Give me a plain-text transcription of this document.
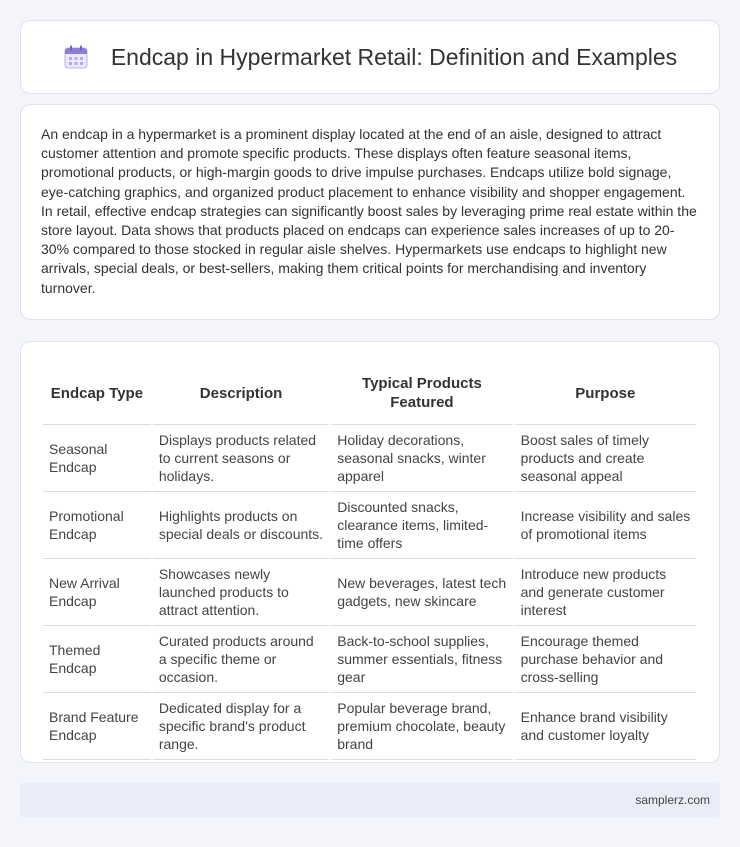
Endcap in Hypermarket Retail: Definition and Examples

An endcap in a hypermarket is a prominent display located at the end of an aisle, designed to attract customer attention and promote specific products. These displays often feature seasonal items, promotional products, or high-margin goods to drive impulse purchases. Endcaps utilize bold signage, eye-catching graphics, and organized product placement to enhance visibility and shopper engagement. In retail, effective endcap strategies can significantly boost sales by leveraging prime real estate within the store layout. Data shows that products placed on endcaps can experience sales increases of up to 20-30% compared to those stocked in regular aisle shelves. Hypermarkets use endcaps to highlight new arrivals, special deals, or best-sellers, making them critical points for merchandising and inventory turnover.

Endcap Type	Description	Typical Products Featured	Purpose
Seasonal Endcap	Displays products related to current seasons or holidays.	Holiday decorations, seasonal snacks, winter apparel	Boost sales of timely products and create seasonal appeal
Promotional Endcap	Highlights products on special deals or discounts.	Discounted snacks, clearance items, limited-time offers	Increase visibility and sales of promotional items
New Arrival Endcap	Showcases newly launched products to attract attention.	New beverages, latest tech gadgets, new skincare	Introduce new products and generate customer interest
Themed Endcap	Curated products around a specific theme or occasion.	Back-to-school supplies, summer essentials, fitness gear	Encourage themed purchase behavior and cross-selling
Brand Feature Endcap	Dedicated display for a specific brand's product range.	Popular beverage brand, premium chocolate, beauty brand	Enhance brand visibility and customer loyalty
samplerz.com
